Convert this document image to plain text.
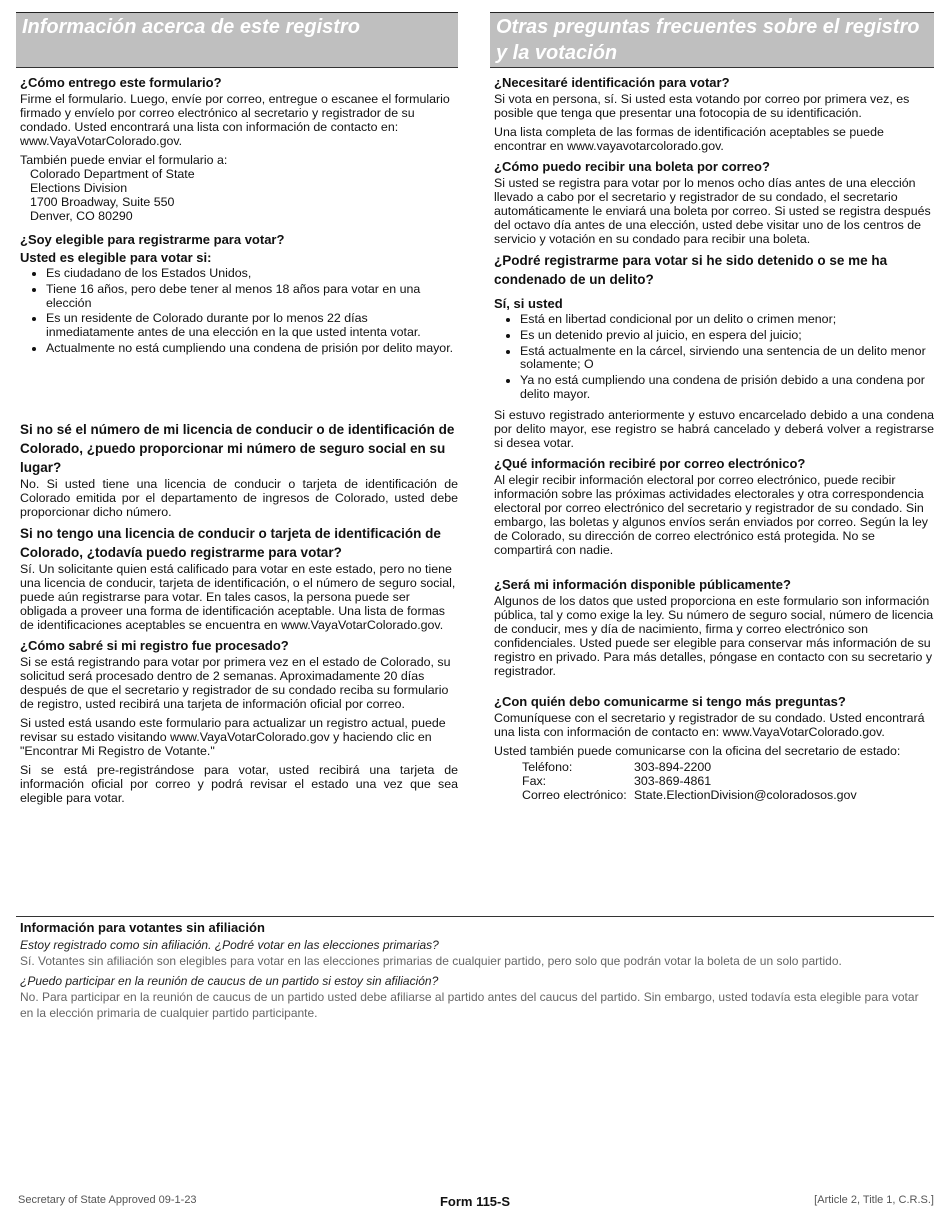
Información acerca de este registro

¿Cómo entrego este formulario?

Firme el formulario. Luego, envíe por correo, entregue o escanee el formulario firmado y envíelo por correo electrónico al secretario y registrador de su condado. Usted encontrará una lista con información de contacto en: www.VayaVotarColorado.gov.

También puede enviar el formulario a:

Colorado Department of State
Elections Division
1700 Broadway, Suite 550
Denver, CO 80290

¿Soy elegible para registrarme para votar?

Usted es elegible para votar si:

• Es ciudadano de los Estados Unidos,
• Tiene 16 años, pero debe tener al menos 18 años para votar en una elección
• Es un residente de Colorado durante por lo menos 22 días inmediatamente antes de una elección en la que usted intenta votar.
• Actualmente no está cumpliendo una condena de prisión por delito mayor.

Si no sé el número de mi licencia de conducir o de identificación de Colorado, ¿puedo proporcionar mi número de seguro social en su lugar?

No. Si usted tiene una licencia de conducir o tarjeta de identificación de Colorado emitida por el departamento de ingresos de Colorado, usted debe proporcionar dicho número.

Si no tengo una licencia de conducir o tarjeta de identificación de Colorado, ¿todavía puedo registrarme para votar?

Sí. Un solicitante quien está calificado para votar en este estado, pero no tiene una licencia de conducir, tarjeta de identificación, o el número de seguro social, puede aún registrarse para votar. En tales casos, la persona puede ser obligada a proveer una forma de identificación aceptable. Una lista de formas de identificaciones aceptables se encuentra en www.VayaVotarColorado.gov.

¿Cómo sabré si mi registro fue procesado?

Si se está registrando para votar por primera vez en el estado de Colorado, su solicitud será procesado dentro de 2 semanas. Aproximadamente 20 días después de que el secretario y registrador de su condado reciba su formulario de registro, usted recibirá una tarjeta de información oficial por correo.

Si usted está usando este formulario para actualizar un registro actual, puede revisar su estado visitando www.VayaVotarColorado.gov y haciendo clic en "Encontrar Mi Registro de Votante."

Si se está pre-registrándose para votar, usted recibirá una tarjeta de información oficial por correo y podrá revisar el estado una vez que sea elegible para votar.

Otras preguntas frecuentes sobre el registro y la votación

¿Necesitaré identificación para votar?

Si vota en persona, sí. Si usted esta votando por correo por primera vez, es posible que tenga que presentar una fotocopia de su identificación.

Una lista completa de las formas de identificación aceptables se puede encontrar en www.vayavotarcolorado.gov.

¿Cómo puedo recibir una boleta por correo?

Si usted se registra para votar por lo menos ocho días antes de una elección llevado a cabo por el secretario y registrador de su condado, el secretario automáticamente le enviará una boleta por correo. Si usted se registra después del octavo día antes de una elección, usted debe visitar uno de los centros de servicio y votación en su condado para recibir una boleta.

¿Podré registrarme para votar si he sido detenido o se me ha condenado de un delito?

Sí, si usted

• Está en libertad condicional por un delito o crimen menor;
• Es un detenido previo al juicio, en espera del juicio;
• Está actualmente en la cárcel, sirviendo una sentencia de un delito menor solamente; O
• Ya no está cumpliendo una condena de prisión debido a una condena por delito mayor.

Si estuvo registrado anteriormente y estuvo encarcelado debido a una condena por delito mayor, ese registro se habrá cancelado y deberá volver a registrarse si desea votar.

¿Qué información recibiré por correo electrónico?

Al elegir recibir información electoral por correo electrónico, puede recibir información sobre las próximas actividades electorales y otra correspondencia electoral por correo electrónico del secretario y registrador de su condado. Sin embargo, las boletas y algunos envíos serán enviados por correo. Según la ley de Colorado, su dirección de correo electrónico está protegida. No se compartirá con nadie.

¿Será mi información disponible públicamente?

Algunos de los datos que usted proporciona en este formulario son información pública, tal y como exige la ley. Su número de seguro social, número de licencia de conducir, mes y día de nacimiento, firma y correo electrónico son confidenciales. Usted puede ser elegible para conservar más información de su registro en privado. Para más detalles, póngase en contacto con su secretario y registrador.

¿Con quién debo comunicarme si tengo más preguntas?

Comuníquese con el secretario y registrador de su condado. Usted encontrará una lista con información de contacto en: www.VayaVotarColorado.gov.

Usted también puede comunicarse con la oficina del secretario de estado:

Teléfono:	303-894-2200
Fax:	303-869-4861
Correo electrónico:	State.ElectionDivision@coloradosos.gov
Información para votantes sin afiliación
Estoy registrado como sin afiliación. ¿Podré votar en las elecciones primarias?
Sí. Votantes sin afiliación son elegibles para votar en las elecciones primarias de cualquier partido, pero solo que podrán votar la boleta de un solo partido.
¿Puedo participar en la reunión de caucus de un partido si estoy sin afiliación?
No. Para participar en la reunión de caucus de un partido usted debe afiliarse al partido antes del caucus del partido. Sin embargo, usted todavía esta elegible para votar en la elección primaria de cualquier partido participante.
Form 115-S
Secretary of State Approved 09-1-23	[Article 2, Title 1, C.R.S.]
